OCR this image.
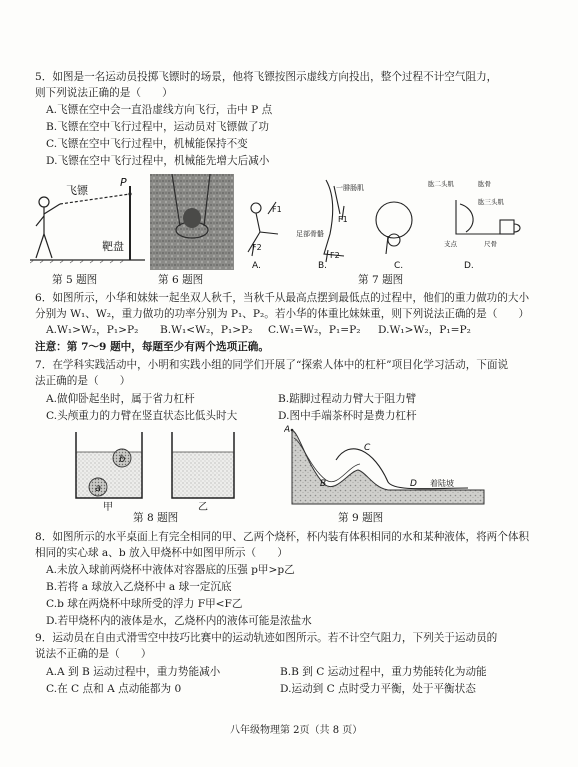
5．如图是一名运动员投掷飞镖时的场景，他将飞镖按图示虚线方向投出，整个过程不计空气阻力，
则下列说法正确的是（　　）
A.飞镖在空中会一直沿虚线方向飞行，击中 P 点
B.飞镖在空中飞行过程中，运动员对飞镖做了功
C.飞镖在空中飞行过程中，机械能保持不变
D.飞镖在空中飞行过程中，机械能先增大后减小
飞镖
P
靶盘
第 5 题图	第 6 题图
F1
F2
F1
F2
一腓肠肌
足部骨骼
肱二头肌	肱骨
肱三头肌
尺骨
支点
A.	B.	C.	D.
第 7 题图
6．如图所示，小华和妹妹一起坐双人秋千，当秋千从最高点摆到最低点的过程中，他们的重力做功的大小
分别为 W₁、W₂，重力做功的功率分别为 P₁、P₂。若小华的体重比妹妹重，则下列说法正确的是（　　）
A.W₁>W₂，P₁>P₂ B.W₁<W₂，P₁>P₂ C.W₁=W₂，P₁=P₂ D.W₁>W₂，P₁=P₂
注意：第 7～9 题中，每题至少有两个选项正确。
7．在学科实践活动中，小明和实践小组的同学们开展了“探索人体中的杠杆”项目化学习活动，下面说
法正确的是（　　）
A.做仰卧起坐时，属于省力杠杆	B.踮脚过程动力臂大于阻力臂
C.头颅重力的力臂在竖直状态比低头时大	D.图中手端茶杯时是费力杠杆
b
a
甲	乙
第 8 题图
A
B
C
D 着陆坡
第 9 题图
8．如图所示的水平桌面上有完全相同的甲、乙两个烧杯，杯内装有体积相同的水和某种液体，将两个体积
相同的实心球 a、b 放入甲烧杯中如图甲所示（　　）
A.未放入球前两烧杯中液体对容器底的压强 p甲>p乙
B.若将 a 球放入乙烧杯中 a 球一定沉底
C.b 球在两烧杯中球所受的浮力 F甲<F乙
D.若甲烧杯内的液体是水，乙烧杯内的液体可能是浓盐水
9．运动员在自由式滑雪空中技巧比赛中的运动轨迹如图所示。若不计空气阻力，下列关于运动员的
说法不正确的是（　　）
A.A 到 B 运动过程中，重力势能减小	B.B 到 C 运动过程中，重力势能转化为动能
C.在 C 点和 A 点动能都为 0	D.运动到 C 点时受力平衡，处于平衡状态
八年级物理第 2页（共 8 页）
